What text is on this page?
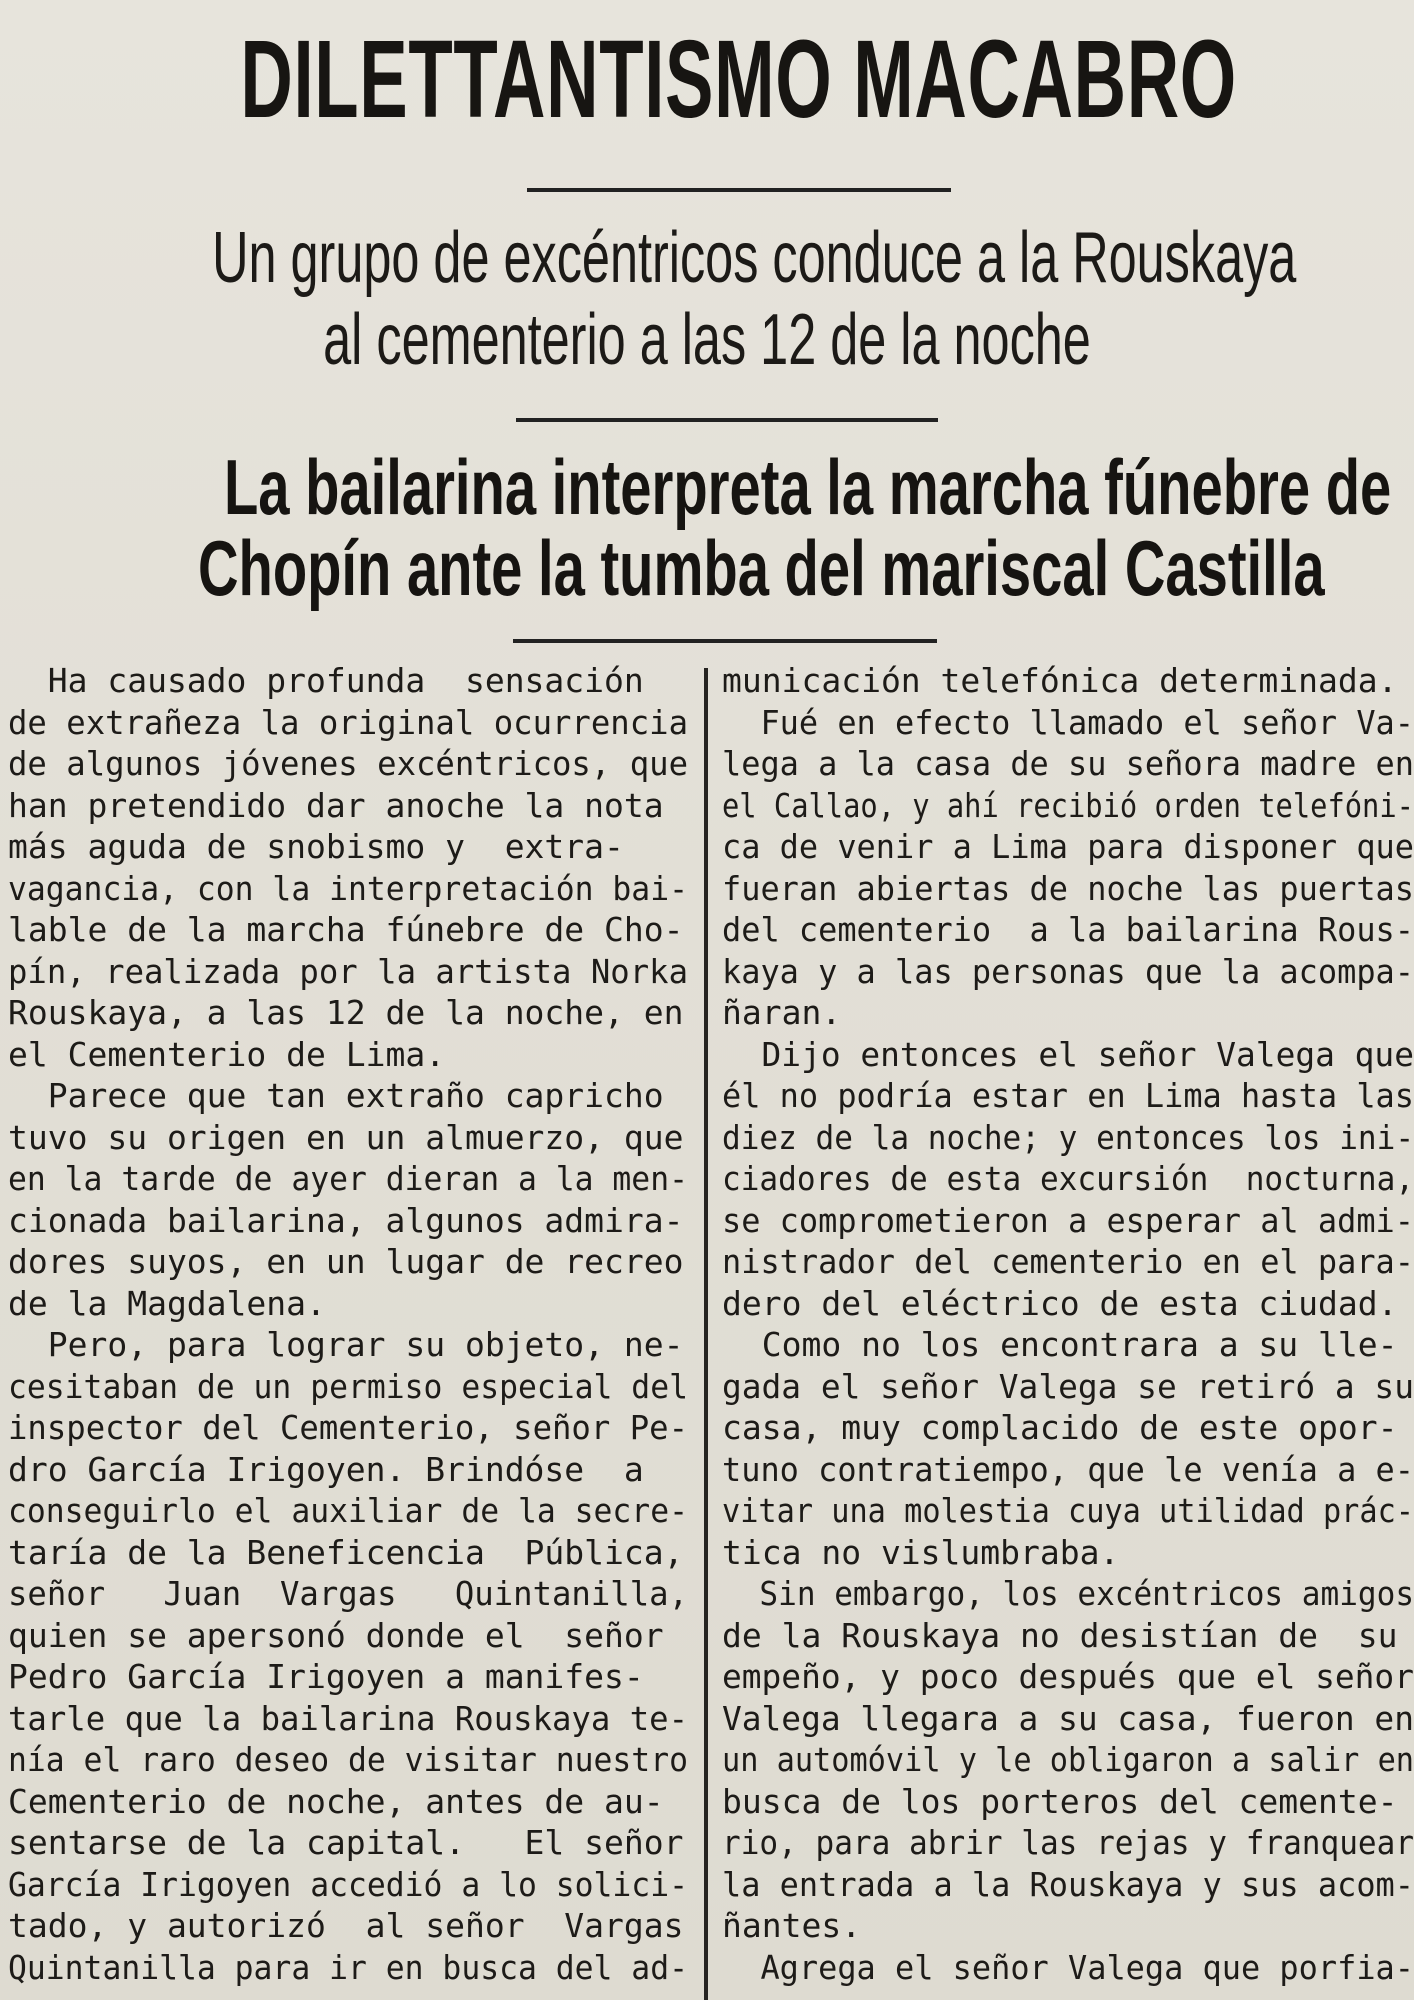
DILETTANTISMO MACABRO
Un grupo de excéntricos conduce a la Rouskaya
al cementerio a las 12 de la noche
La bailarina interpreta la marcha fúnebre de
Chopín ante la tumba del mariscal Castilla
Ha causado profunda  sensación
de extrañeza la original ocurrencia
de algunos jóvenes excéntricos, que
han pretendido dar anoche la nota
más aguda de snobismo y  extra-
vagancia, con la interpretación bai-
lable de la marcha fúnebre de Cho-
pín, realizada por la artista Norka
Rouskaya, a las 12 de la noche, en
el Cementerio de Lima.
Parece que tan extraño capricho
tuvo su origen en un almuerzo, que
en la tarde de ayer dieran a la men-
cionada bailarina, algunos admira-
dores suyos, en un lugar de recreo
de la Magdalena.
Pero, para lograr su objeto, ne-
cesitaban de un permiso especial del
inspector del Cementerio, señor Pe-
dro García Irigoyen. Brindóse  a
conseguirlo el auxiliar de la secre-
taría de la Beneficencia  Pública,
señor   Juan  Vargas   Quintanilla,
quien se apersonó donde el  señor
Pedro García Irigoyen a manifes-
tarle que la bailarina Rouskaya te-
nía el raro deseo de visitar nuestro
Cementerio de noche, antes de au-
sentarse de la capital.   El señor
García Irigoyen accedió a lo solici-
tado, y autorizó  al señor  Vargas
Quintanilla para ir en busca del ad-
municación telefónica determinada.
Fué en efecto llamado el señor Va-
lega a la casa de su señora madre en
el Callao, y ahí recibió orden telefóni-
ca de venir a Lima para disponer que
fueran abiertas de noche las puertas
del cementerio  a la bailarina Rous-
kaya y a las personas que la acompa-
ñaran.
Dijo entonces el señor Valega que
él no podría estar en Lima hasta las
diez de la noche; y entonces los ini-
ciadores de esta excursión  nocturna,
se comprometieron a esperar al admi-
nistrador del cementerio en el para-
dero del eléctrico de esta ciudad.
Como no los encontrara a su lle-
gada el señor Valega se retiró a su
casa, muy complacido de este opor-
tuno contratiempo, que le venía a e-
vitar una molestia cuya utilidad prác-
tica no vislumbraba.
Sin embargo, los excéntricos amigos
de la Rouskaya no desistían de  su
empeño, y poco después que el señor
Valega llegara a su casa, fueron en
un automóvil y le obligaron a salir en
busca de los porteros del cemente-
rio, para abrir las rejas y franquear
la entrada a la Rouskaya y sus acom-
ñantes.
Agrega el señor Valega que porfia-
